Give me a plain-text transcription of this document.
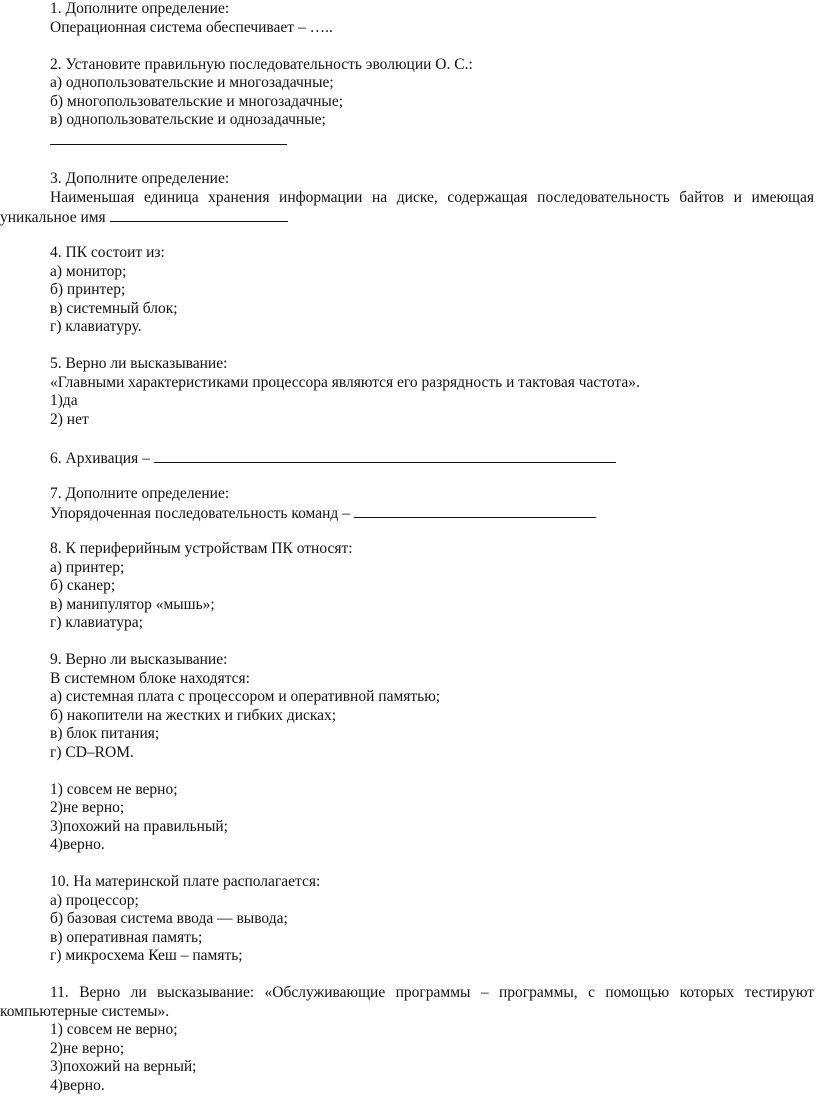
1. Дополните определение:
Операционная система обеспечивает – …..
2. Установите правильную последовательность эволюции О. С.:
а) однопользовательские и многозадачные;
б) многопользовательские и многозадачные;
в) однопользовательские и однозадачные;
3. Дополните определение:
Наименьшая единица хранения информации на диске, содержащая последовательность байтов и имеющая
уникальное имя
4. ПК состоит из:
а) монитор;
б) принтер;
в) системный блок;
г) клавиатуру.
5. Верно ли высказывание:
«Главными характеристиками процессора являются его разрядность и тактовая частота».
1)да
2) нет
6. Архивация –
7. Дополните определение:
Упорядоченная последовательность команд –
8. К периферийным устройствам ПК относят:
а) принтер;
б) сканер;
в) манипулятор «мышь»;
г) клавиатура;
9. Верно ли высказывание:
В системном блоке находятся:
а) системная плата с процессором и оперативной памятью;
б) накопители на жестких и гибких дисках;
в) блок питания;
г) CD–ROM.
1) совсем не верно;
2)не верно;
3)похожий на правильный;
4)верно.
10. На материнской плате располагается:
а) процессор;
б) базовая система ввода — вывода;
в) оперативная память;
г) микросхема Кеш – память;
11. Верно ли высказывание: «Обслуживающие программы – программы, с помощью которых тестируют
компьютерные системы».
1) совсем не верно;
2)не верно;
3)похожий на верный;
4)верно.
